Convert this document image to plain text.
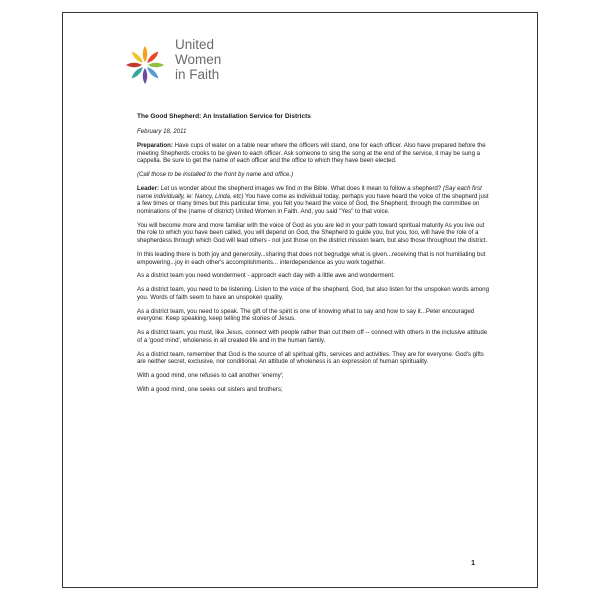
United
Women
in Faith
The Good Shepherd: An Installation Service for Districts
February 18, 2011

Preparation: Have cups of water on a table near where the officers will stand, one for each officer. Also have prepared before the meeting Shepherds crooks to be given to each officer. Ask someone to sing the song at the end of the service, it may be sung a cappella. Be sure to get the name of each officer and the office to which they have been elected.

(Call those to be installed to the front by name and office.)

Leader: Let us wonder about the shepherd images we find in the Bible. What does it mean to follow a shepherd? (Say each first name individually, ie: Nancy, Linda, etc) You have come as individual today, perhaps you have heard the voice of the shepherd just a few times or many times but this particular time, you felt you heard the voice of God, the Shepherd, through the committee on nominations of the (name of district) United Women in Faith. And, you said "Yes" to that voice.

You will become more and more familiar with the voice of God as you are led in your path toward spiritual maturity As you live out the role to which you have been called, you will depend on God, the Shepherd to guide you, but you, too, will have the role of a shepherdess through which God will lead others - not just those on the district mission team, but also those throughout the district.

In this leading there is both joy and generosity...sharing that does not begrudge what is given...receiving that is not humiliating but empowering...joy in each other's accomplishments... interdependence as you work together.

As a district team you need wonderment - approach each day with a little awe and wonderment.

As a district team, you need to be listening. Listen to the voice of the shepherd, God, but also listen for the unspoken words among you. Words of faith seem to have an unspoken quality.

As a district team, you need to speak. The gift of the spirit is one of knowing what to say and how to say it...Peter encouraged everyone: Keep speaking, keep telling the stories of Jesus.

As a district team, you must, like Jesus, connect with people rather than cut them off -- connect with others in the inclusive attitude of a 'good mind', wholeness in all created life and in the human family.

As a district team, remember that God is the source of all spiritual gifts, services and activities. They are for everyone. God's gifts are neither secret, exclusive, nor conditional. An attitude of wholeness is an expression of human spirituality.

With a good mind, one refuses to call another 'enemy';

With a good mind, one seeks out sisters and brothers;

1
